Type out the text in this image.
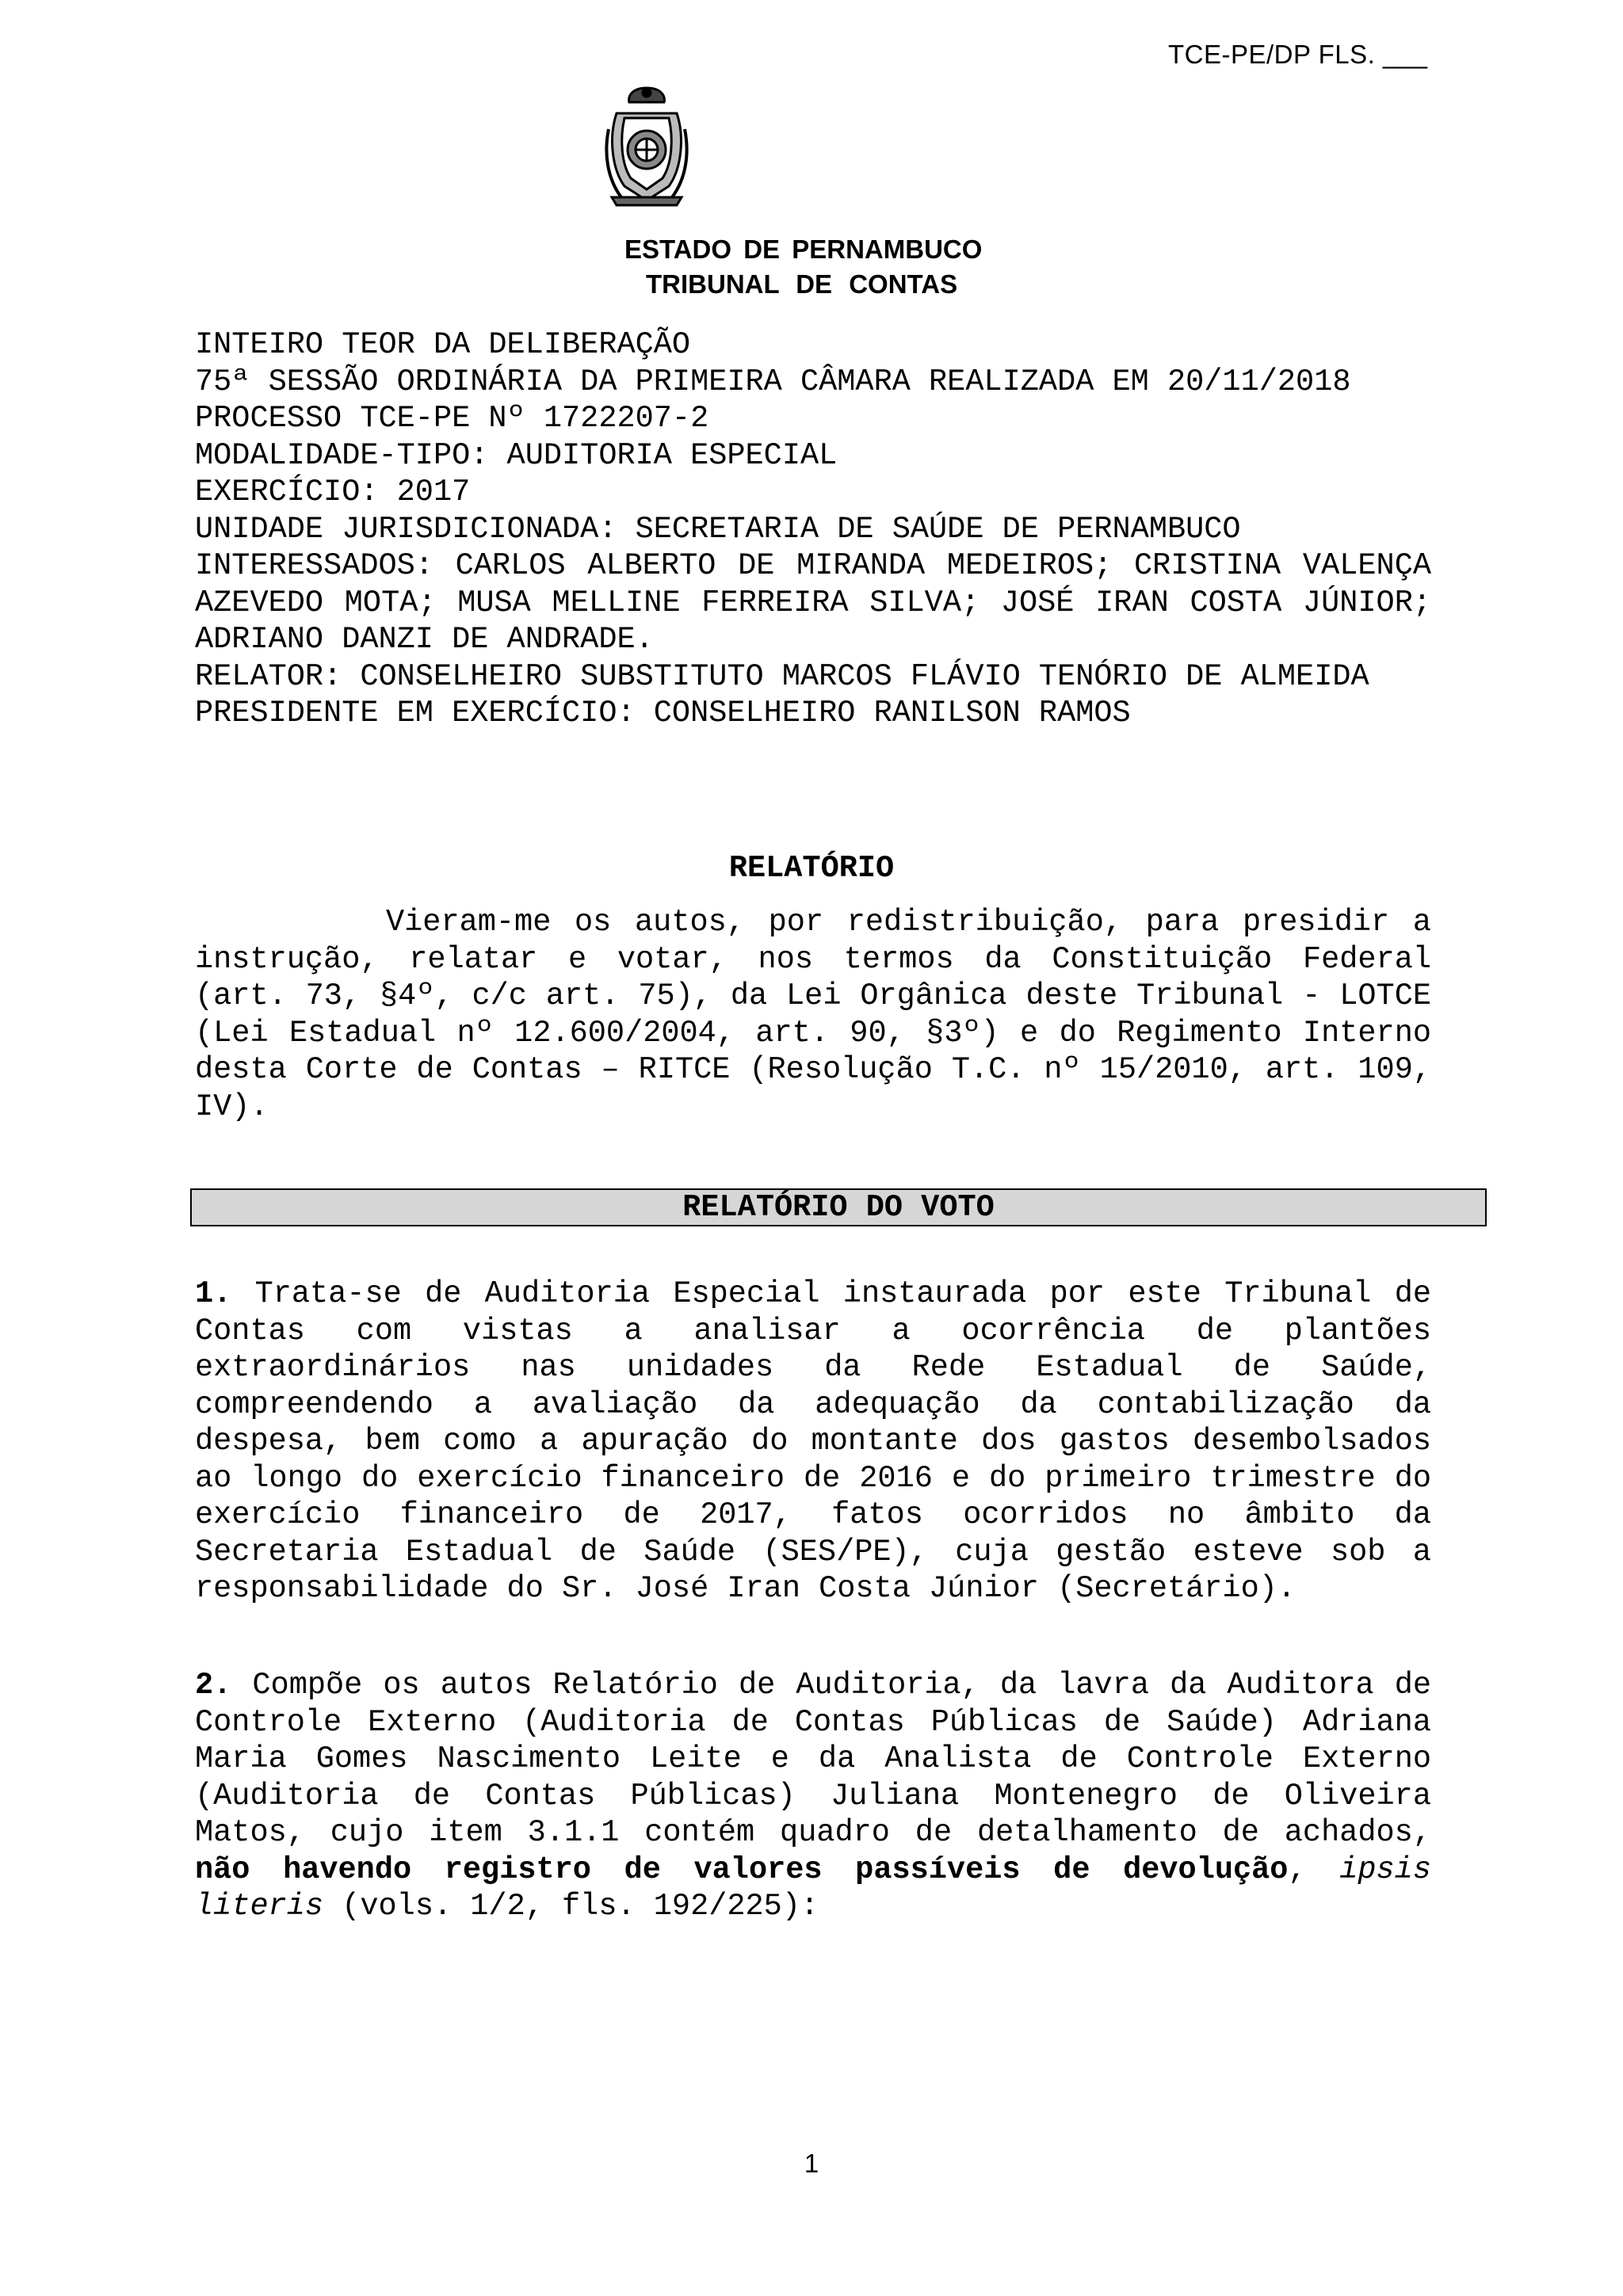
TCE-PE/DP FLS. ___
ESTADO DE PERNAMBUCO
TRIBUNAL DE CONTAS

INTEIRO TEOR DA DELIBERAÇÃO

75ª SESSÃO ORDINÁRIA DA PRIMEIRA CÂMARA REALIZADA EM 20/11/2018

PROCESSO TCE-PE Nº 1722207-2

MODALIDADE-TIPO: AUDITORIA ESPECIAL

EXERCÍCIO: 2017

UNIDADE JURISDICIONADA: SECRETARIA DE SAÚDE DE PERNAMBUCO

INTERESSADOS: CARLOS ALBERTO DE MIRANDA MEDEIROS; CRISTINA VALENÇA AZEVEDO MOTA; MUSA MELLINE FERREIRA SILVA; JOSÉ IRAN COSTA JÚNIOR; ADRIANO DANZI DE ANDRADE.

RELATOR: CONSELHEIRO SUBSTITUTO MARCOS FLÁVIO TENÓRIO DE ALMEIDA

PRESIDENTE EM EXERCÍCIO: CONSELHEIRO RANILSON RAMOS

RELATÓRIO

Vieram-me os autos, por redistribuição, para presidir a instrução, relatar e votar, nos termos da Constituição Federal (art. 73, §4º, c/c art. 75), da Lei Orgânica deste Tribunal - LOTCE (Lei Estadual nº 12.600/2004, art. 90, §3º) e do Regimento Interno desta Corte de Contas – RITCE (Resolução T.C. nº 15/2010, art. 109, IV).

RELATÓRIO DO VOTO

1. Trata-se de Auditoria Especial instaurada por este Tribunal de Contas com vistas a analisar a ocorrência de plantões extraordinários nas unidades da Rede Estadual de Saúde, compreendendo a avaliação da adequação da contabilização da despesa, bem como a apuração do montante dos gastos desembolsados ao longo do exercício financeiro de 2016 e do primeiro trimestre do exercício financeiro de 2017, fatos ocorridos no âmbito da Secretaria Estadual de Saúde (SES/PE), cuja gestão esteve sob a responsabilidade do Sr. José Iran Costa Júnior (Secretário).

2. Compõe os autos Relatório de Auditoria, da lavra da Auditora de Controle Externo (Auditoria de Contas Públicas de Saúde) Adriana Maria Gomes Nascimento Leite e da Analista de Controle Externo (Auditoria de Contas Públicas) Juliana Montenegro de Oliveira Matos, cujo item 3.1.1 contém quadro de detalhamento de achados, não havendo registro de valores passíveis de devolução, ipsis literis (vols. 1/2, fls. 192/225):

1
